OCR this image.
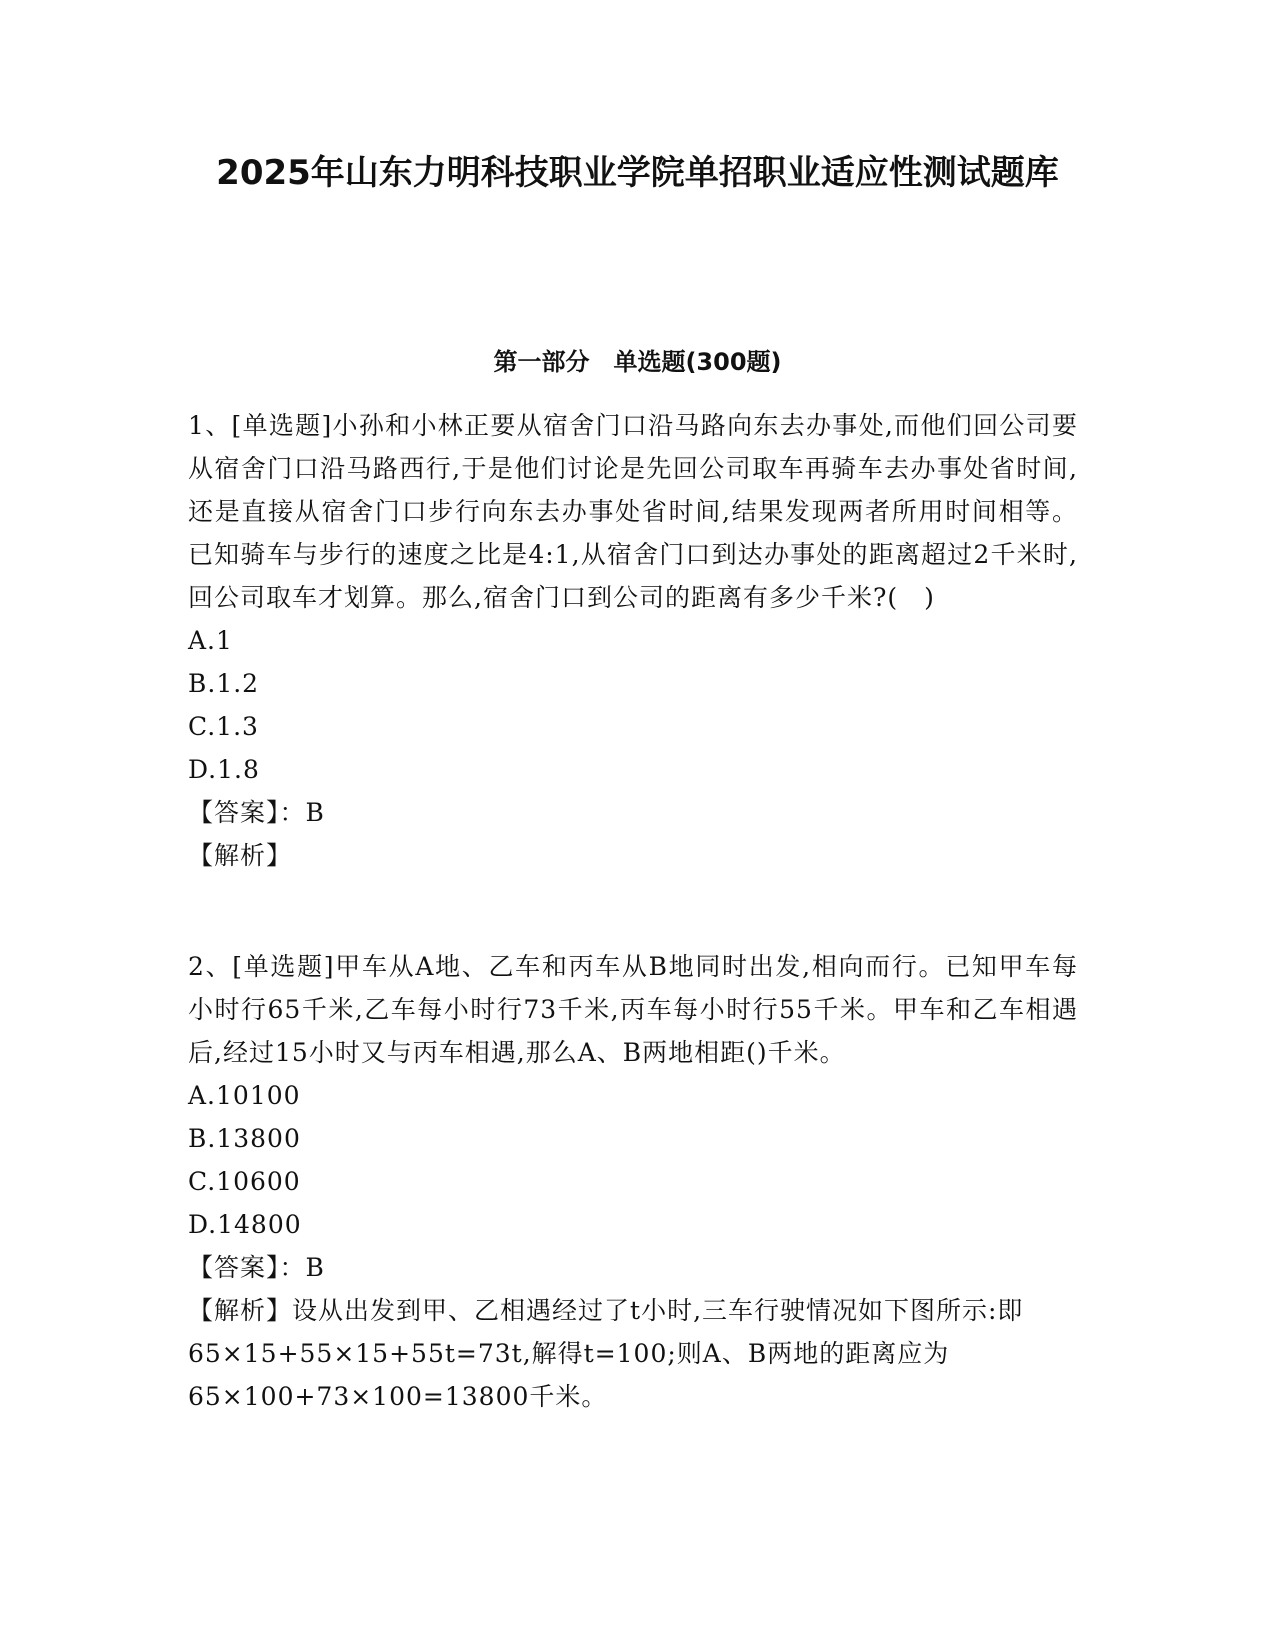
2025年山东力明科技职业学院单招职业适应性测试题库
第一部分　单选题(300题)

1、[单选题]小孙和小林正要从宿舍门口沿马路向东去办事处,而他们回公司要从宿舍门口沿马路西行,于是他们讨论是先回公司取车再骑车去办事处省时间,还是直接从宿舍门口步行向东去办事处省时间,结果发现两者所用时间相等。已知骑车与步行的速度之比是4:1,从宿舍门口到达办事处的距离超过2千米时,回公司取车才划算。那么,宿舍门口到公司的距离有多少千米?(　)

A.1

B.1.2

C.1.3

D.1.8

【答案】：B

【解析】

2、[单选题]甲车从A地、乙车和丙车从B地同时出发,相向而行。已知甲车每小时行65千米,乙车每小时行73千米,丙车每小时行55千米。甲车和乙车相遇后,经过15小时又与丙车相遇,那么A、B两地相距()千米。

A.10100

B.13800

C.10600

D.14800

【答案】：B

【解析】设从出发到甲、乙相遇经过了t小时,三车行驶情况如下图所示:即65×15+55×15+55t=73t,解得t=100;则A、B两地的距离应为65×100+73×100=13800千米。
